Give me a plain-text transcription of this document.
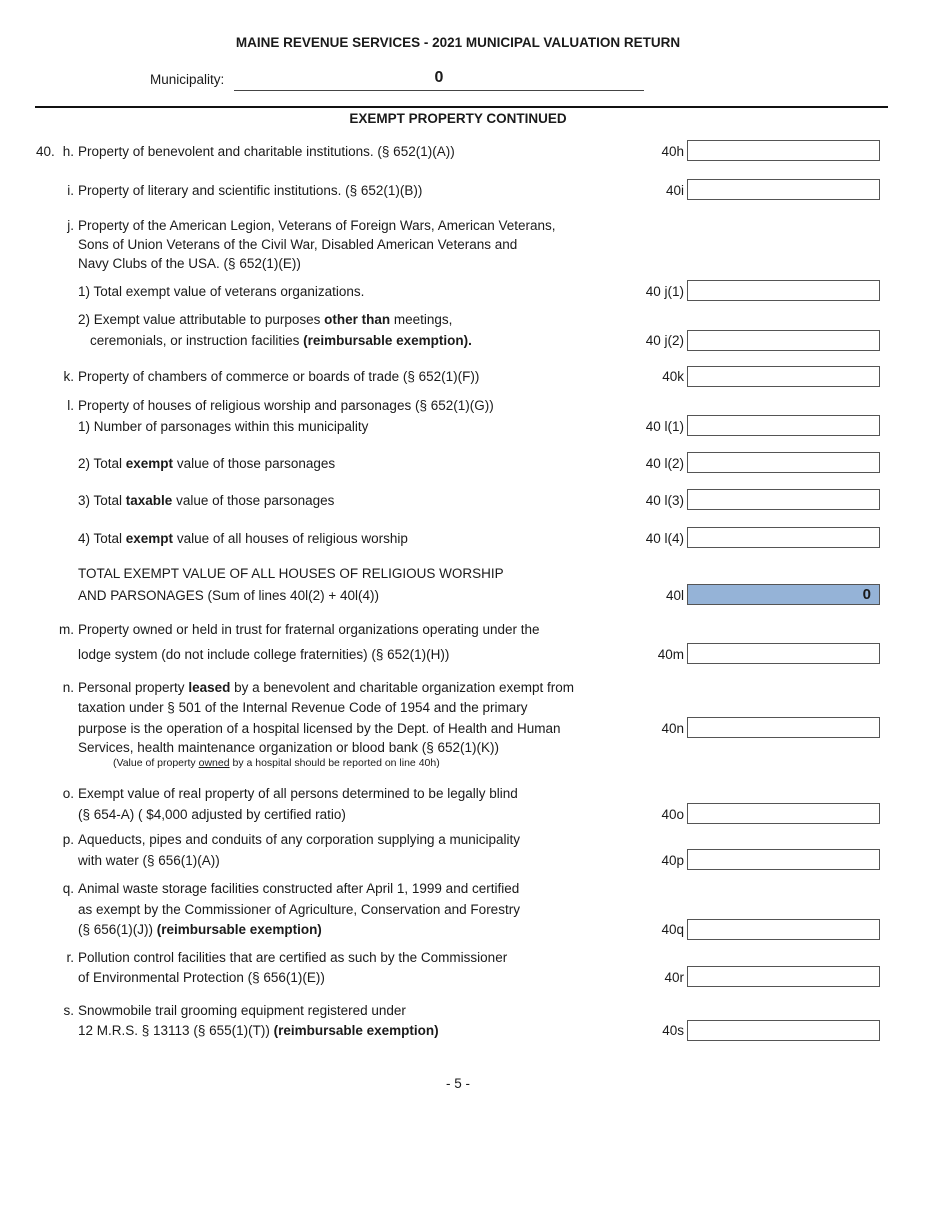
MAINE REVENUE SERVICES - 2021 MUNICIPAL VALUATION RETURN
Municipality:	0
EXEMPT PROPERTY CONTINUED
40. h. Property of benevolent and charitable institutions. (§ 652(1)(A))	40h
i. Property of literary and scientific institutions. (§ 652(1)(B))	40i
j. Property of the American Legion, Veterans of Foreign Wars, American Veterans,
Sons of Union Veterans of the Civil War, Disabled American Veterans and
Navy Clubs of the USA. (§ 652(1)(E))
1) Total exempt value of veterans organizations.	40 j(1)
2) Exempt value attributable to purposes other than meetings,
ceremonials, or instruction facilities (reimbursable exemption).	40 j(2)
k. Property of chambers of commerce or boards of trade (§ 652(1)(F))	40k
l. Property of houses of religious worship and parsonages (§ 652(1)(G))
1) Number of parsonages within this municipality	40 l(1)
2) Total exempt value of those parsonages	40 l(2)
3) Total taxable value of those parsonages	40 l(3)
4) Total exempt value of all houses of religious worship	40 l(4)
TOTAL EXEMPT VALUE OF ALL HOUSES OF RELIGIOUS WORSHIP
AND PARSONAGES (Sum of lines 40l(2) + 40l(4))	40l	0
m. Property owned or held in trust for fraternal organizations operating under the
lodge system (do not include college fraternities) (§ 652(1)(H))	40m
n. Personal property leased by a benevolent and charitable organization exempt from
taxation under § 501 of the Internal Revenue Code of 1954 and the primary
purpose is the operation of a hospital licensed by the Dept. of Health and Human
Services, health maintenance organization or blood bank (§ 652(1)(K))
(Value of property owned by a hospital should be reported on line 40h)
40n
o. Exempt value of real property of all persons determined to be legally blind
(§ 654-A) ( $4,000 adjusted by certified ratio)	40o
p. Aqueducts, pipes and conduits of any corporation supplying a municipality
with water (§ 656(1)(A))	40p
q. Animal waste storage facilities constructed after April 1, 1999 and certified
as exempt by the Commissioner of Agriculture, Conservation and Forestry
(§ 656(1)(J)) (reimbursable exemption)	40q
r. Pollution control facilities that are certified as such by the Commissioner
of Environmental Protection (§ 656(1)(E))	40r
s. Snowmobile trail grooming equipment registered under
12 M.R.S. § 13113 (§ 655(1)(T)) (reimbursable exemption)	40s
- 5 -
